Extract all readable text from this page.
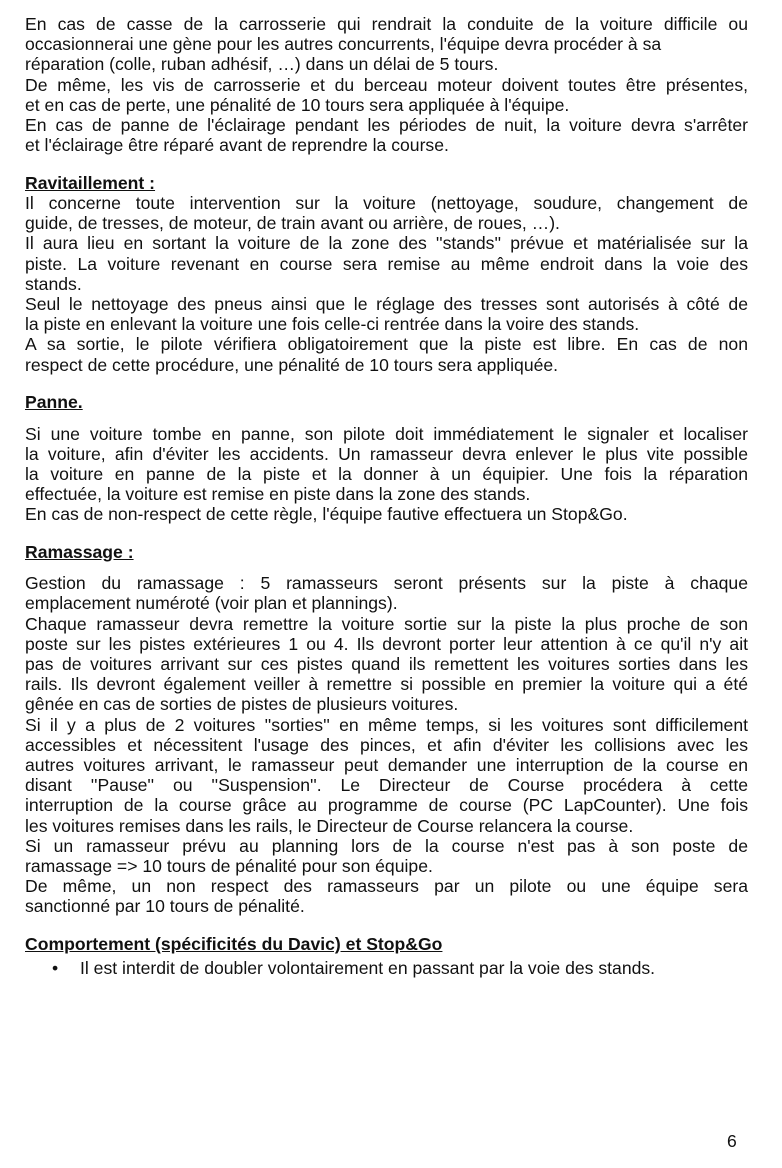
En cas de casse de la carrosserie qui rendrait la conduite de la voiture difficile ou
occasionnerai une gène pour les autres concurrents, l'équipe devra procéder à sa
réparation (colle, ruban adhésif, …) dans un délai de 5 tours.
De même, les vis de carrosserie et du berceau moteur doivent toutes être présentes,
et en cas de perte, une pénalité de 10 tours sera appliquée à l'équipe.
En cas de panne de l'éclairage pendant les périodes de nuit, la voiture devra s'arrêter
et l'éclairage être réparé avant de reprendre la course.
Ravitaillement :
Il concerne toute intervention sur la voiture (nettoyage, soudure, changement de
guide, de tresses, de moteur, de train avant ou arrière, de roues, …).
Il aura lieu en sortant la voiture de la zone des ''stands'' prévue et matérialisée sur la
piste. La voiture revenant en course sera remise au même endroit dans la voie des
stands.
Seul le nettoyage des pneus ainsi que le réglage des tresses sont autorisés à côté de
la piste en enlevant la voiture une fois celle-ci rentrée dans la voire des stands.
A sa sortie, le pilote vérifiera obligatoirement que la piste est libre. En cas de non
respect de cette procédure, une pénalité de 10 tours sera appliquée.
Panne.
Si une voiture tombe en panne, son pilote doit immédiatement le signaler et localiser
la voiture, afin d'éviter les accidents. Un ramasseur devra enlever le plus vite possible
la voiture en panne de la piste et la donner à un équipier. Une fois la réparation
effectuée, la voiture est remise en piste dans la zone des stands.
En cas de non-respect de cette règle, l'équipe fautive effectuera un Stop&Go.
Ramassage :
Gestion du ramassage : 5 ramasseurs seront présents sur la piste à chaque
emplacement numéroté (voir plan et plannings).
Chaque ramasseur devra remettre la voiture sortie sur la piste la plus proche de son
poste sur les pistes extérieures 1 ou 4. Ils devront porter leur attention à ce qu'il n'y ait
pas de voitures arrivant sur ces pistes quand ils remettent les voitures sorties dans les
rails. Ils devront également veiller à remettre si possible en premier la voiture qui a été
gênée en cas de sorties de pistes de plusieurs voitures.
Si il y a plus de 2 voitures ''sorties'' en même temps, si les voitures sont difficilement
accessibles et nécessitent l'usage des pinces, et afin d'éviter les collisions avec les
autres voitures arrivant, le ramasseur peut demander une interruption de la course en
disant ''Pause'' ou ''Suspension''. Le Directeur de Course procédera à cette
interruption de la course grâce au programme de course (PC LapCounter). Une fois
les voitures remises dans les rails, le Directeur de Course relancera la course.
Si un ramasseur prévu au planning lors de la course n'est pas à son poste de
ramassage => 10 tours de pénalité pour son équipe.
De même, un non respect des ramasseurs par un pilote ou une équipe sera
sanctionné par 10 tours de pénalité.
Comportement (spécificités du Davic) et Stop&Go
• Il est interdit de doubler volontairement en passant par la voie des stands.
6
